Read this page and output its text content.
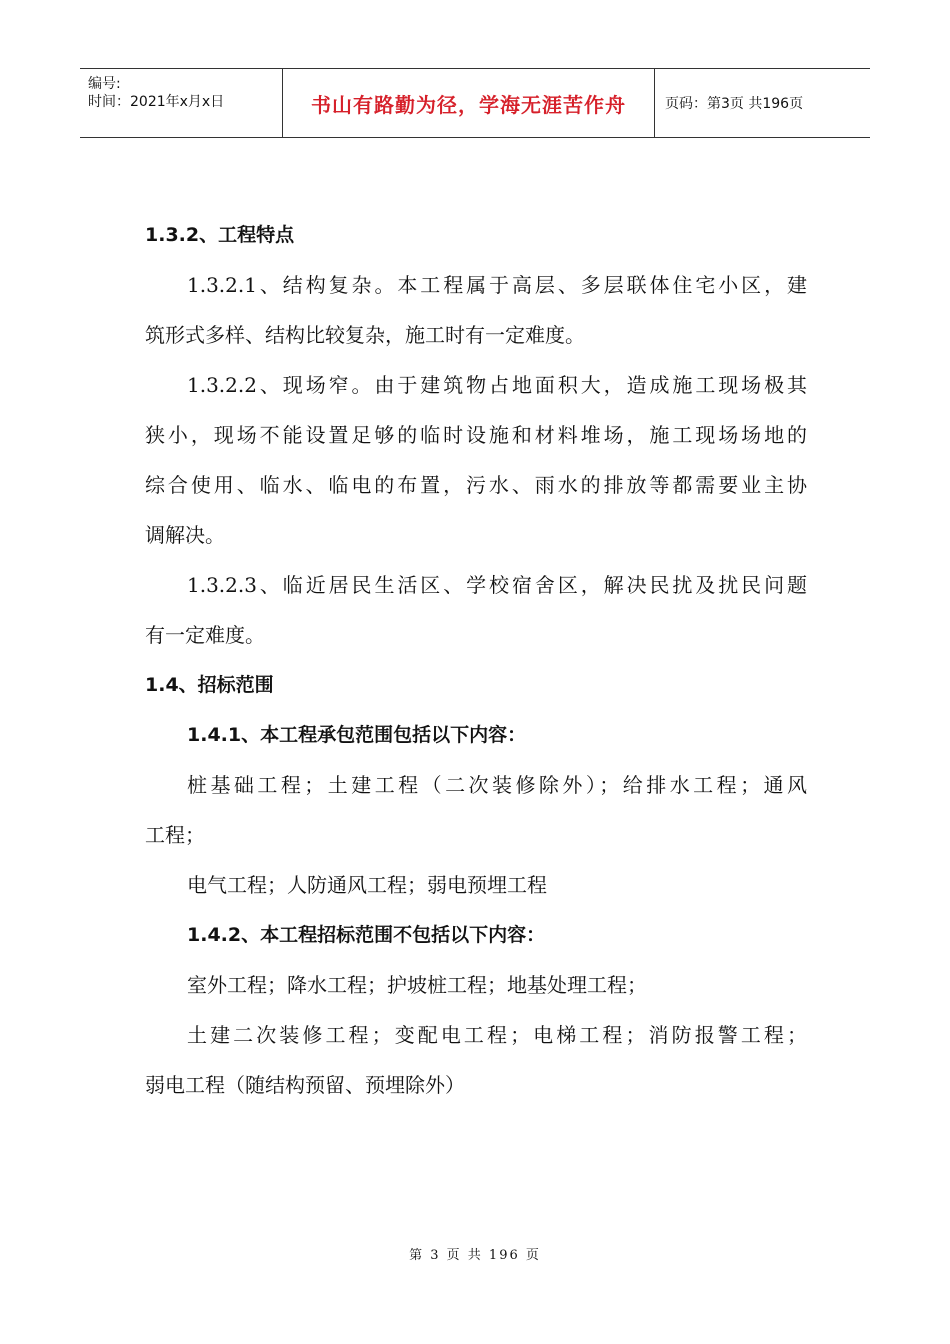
编号:
时间：2021年x月x日	书山有路勤为径，学海无涯苦作舟	页码：第3页 共196页
1.3.2、工程特点
1.3.2.1、结构复杂。本工程属于高层、多层联体住宅小区，建
筑形式多样、结构比较复杂，施工时有一定难度。
1.3.2.2、现场窄。由于建筑物占地面积大，造成施工现场极其
狭小，现场不能设置足够的临时设施和材料堆场，施工现场场地的
综合使用、临水、临电的布置，污水、雨水的排放等都需要业主协
调解决。
1.3.2.3、临近居民生活区、学校宿舍区，解决民扰及扰民问题
有一定难度。
1.4、招标范围
1.4.1、本工程承包范围包括以下内容：
桩基础工程；土建工程（二次装修除外）；给排水工程；通风
工程；
电气工程；人防通风工程；弱电预埋工程
1.4.2、本工程招标范围不包括以下内容：
室外工程；降水工程；护坡桩工程；地基处理工程；
土建二次装修工程；变配电工程；电梯工程；消防报警工程；
弱电工程（随结构预留、预埋除外）
第 3 页 共 196 页
